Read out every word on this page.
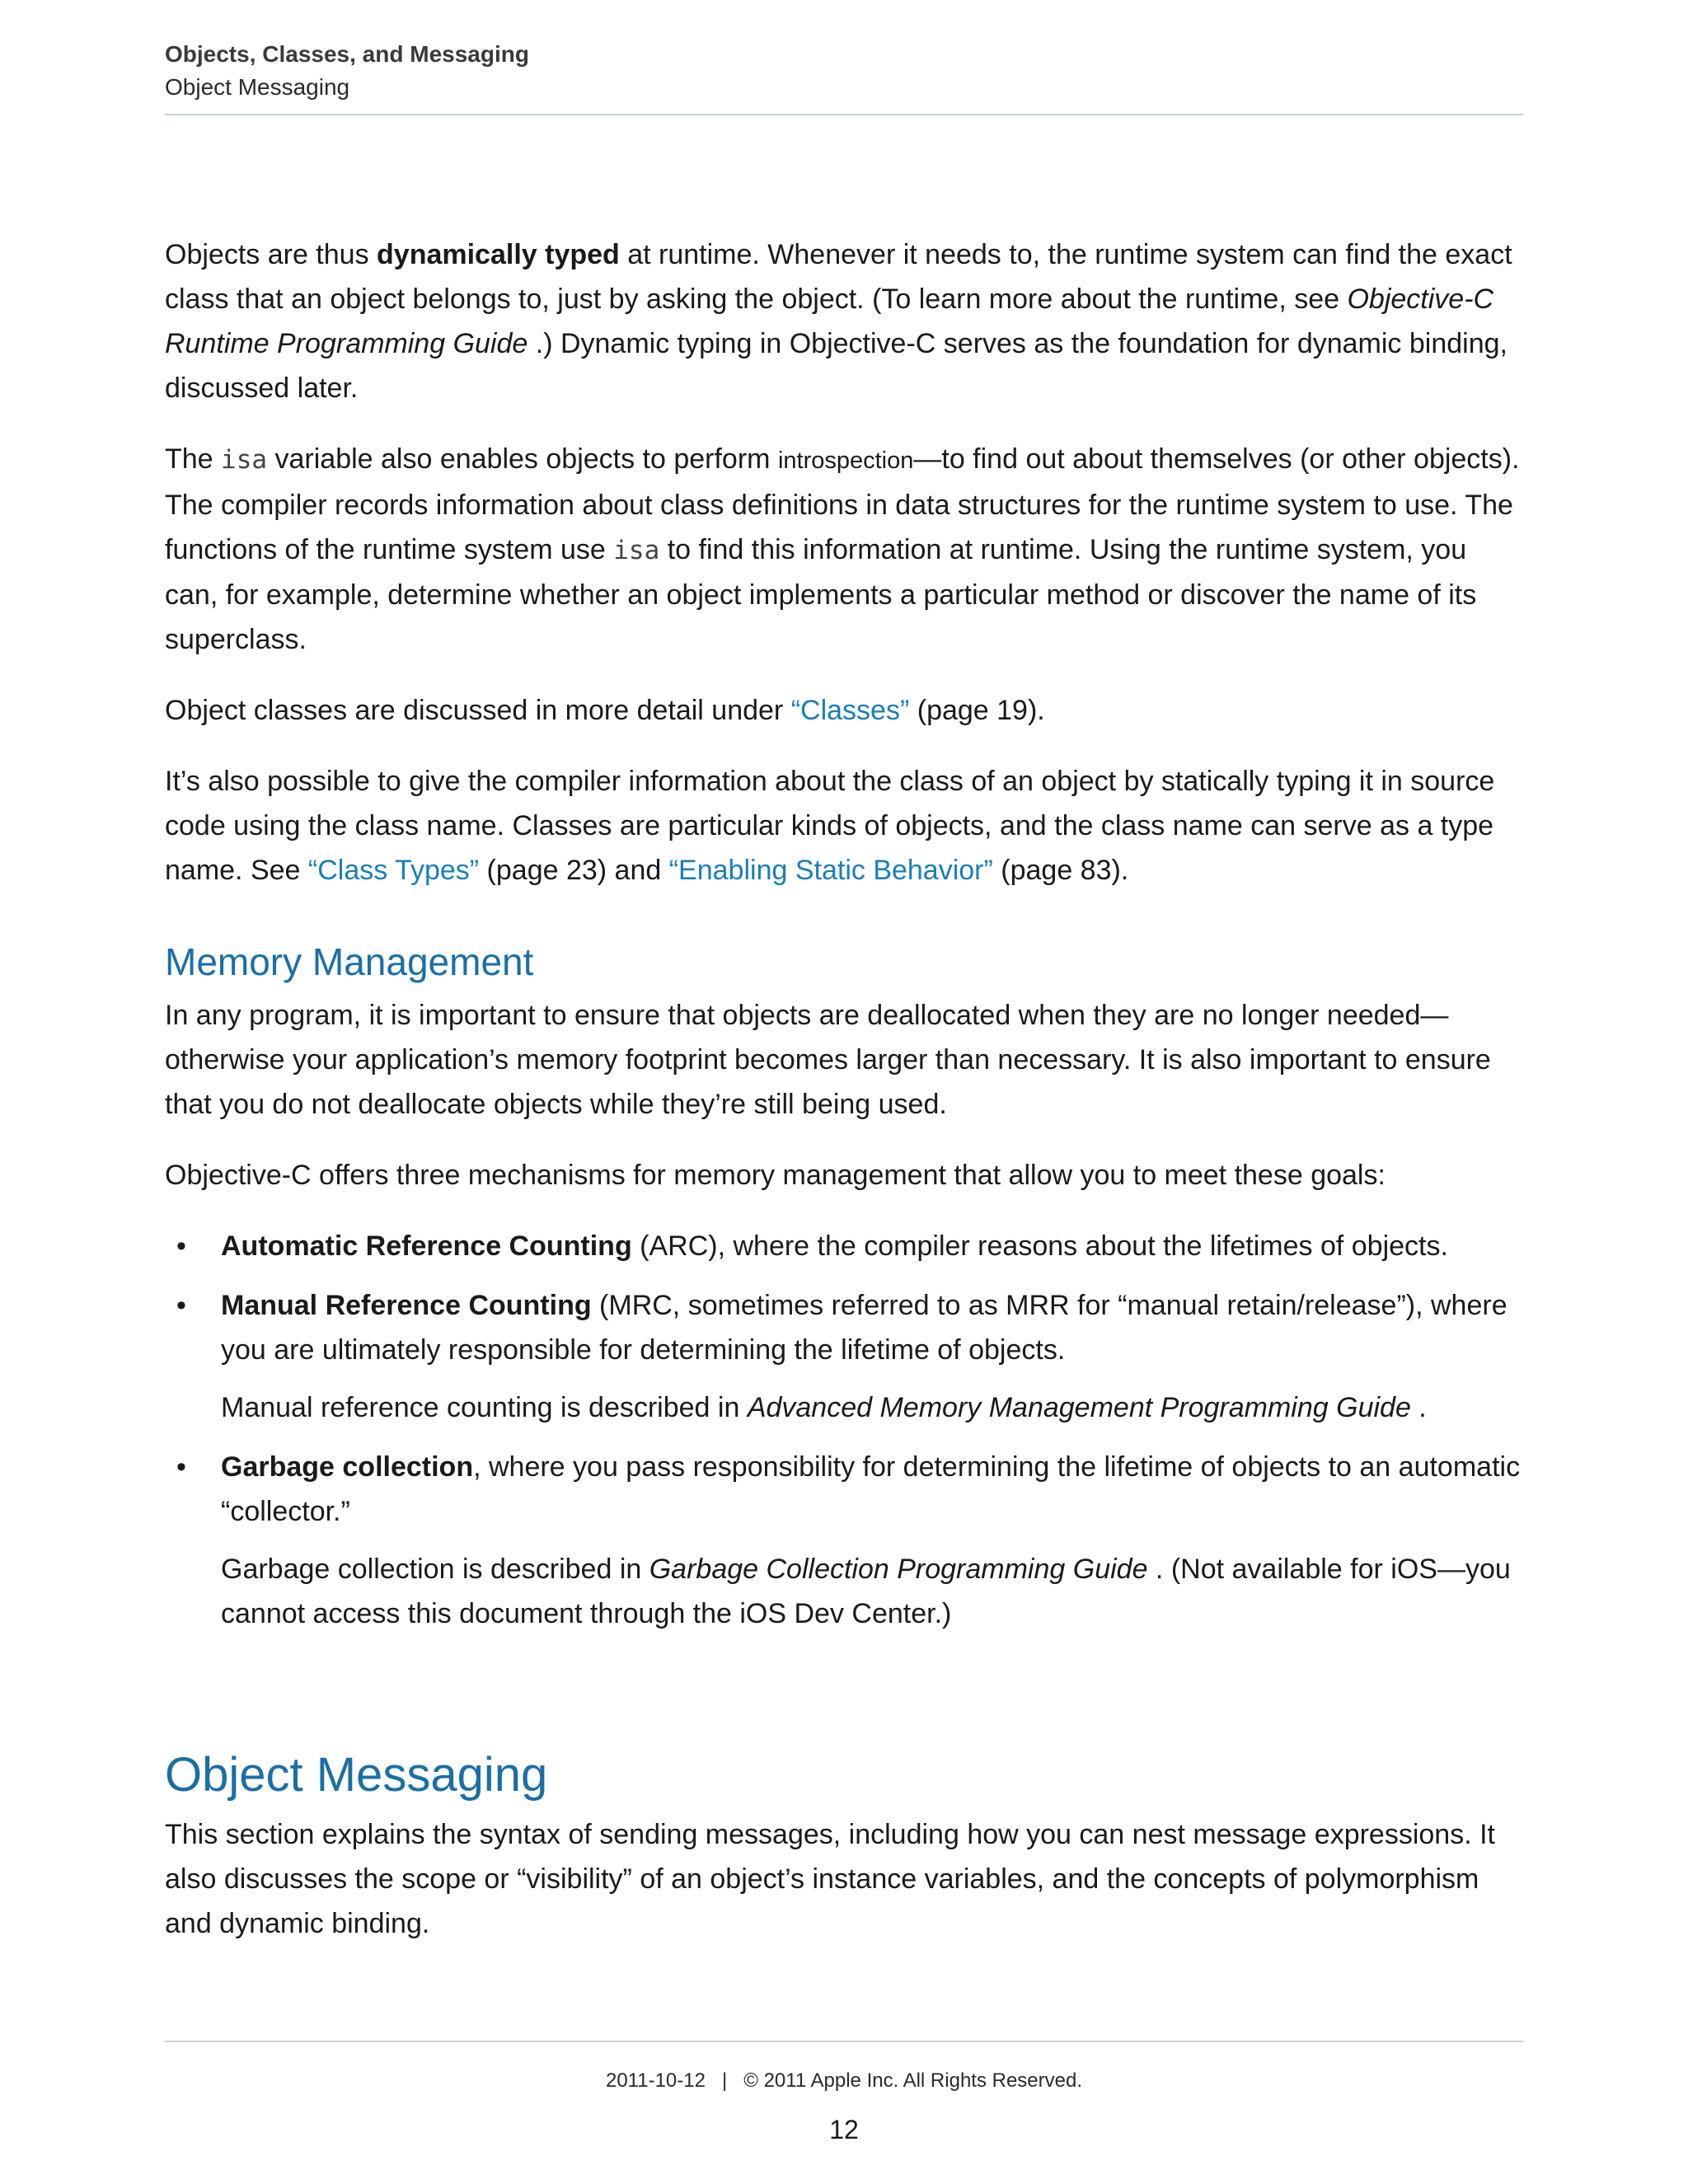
Objects, Classes, and Messaging
Object Messaging

Objects are thus dynamically typed at runtime. Whenever it needs to, the runtime system can find the exact class that an object belongs to, just by asking the object. (To learn more about the runtime, see Objective-C Runtime Programming Guide .) Dynamic typing in Objective-C serves as the foundation for dynamic binding, discussed later.

The isa variable also enables objects to perform introspection—to find out about themselves (or other objects). The compiler records information about class definitions in data structures for the runtime system to use. The functions of the runtime system use isa to find this information at runtime. Using the runtime system, you can, for example, determine whether an object implements a particular method or discover the name of its superclass.

Object classes are discussed in more detail under “Classes” (page 19).

It’s also possible to give the compiler information about the class of an object by statically typing it in source code using the class name. Classes are particular kinds of objects, and the class name can serve as a type name. See “Class Types” (page 23) and “Enabling Static Behavior” (page 83).

Memory Management

In any program, it is important to ensure that objects are deallocated when they are no longer needed—otherwise your application’s memory footprint becomes larger than necessary. It is also important to ensure that you do not deallocate objects while they’re still being used.

Objective-C offers three mechanisms for memory management that allow you to meet these goals:

• Automatic Reference Counting (ARC), where the compiler reasons about the lifetimes of objects.
• Manual Reference Counting (MRC, sometimes referred to as MRR for “manual retain/release”), where you are ultimately responsible for determining the lifetime of objects.

Manual reference counting is described in Advanced Memory Management Programming Guide .

• Garbage collection, where you pass responsibility for determining the lifetime of objects to an automatic “collector.”

Garbage collection is described in Garbage Collection Programming Guide . (Not available for iOS—you cannot access this document through the iOS Dev Center.)

Object Messaging

This section explains the syntax of sending messages, including how you can nest message expressions. It also discusses the scope or “visibility” of an object’s instance variables, and the concepts of polymorphism and dynamic binding.

2011-10-12   |   © 2011 Apple Inc. All Rights Reserved.
12
